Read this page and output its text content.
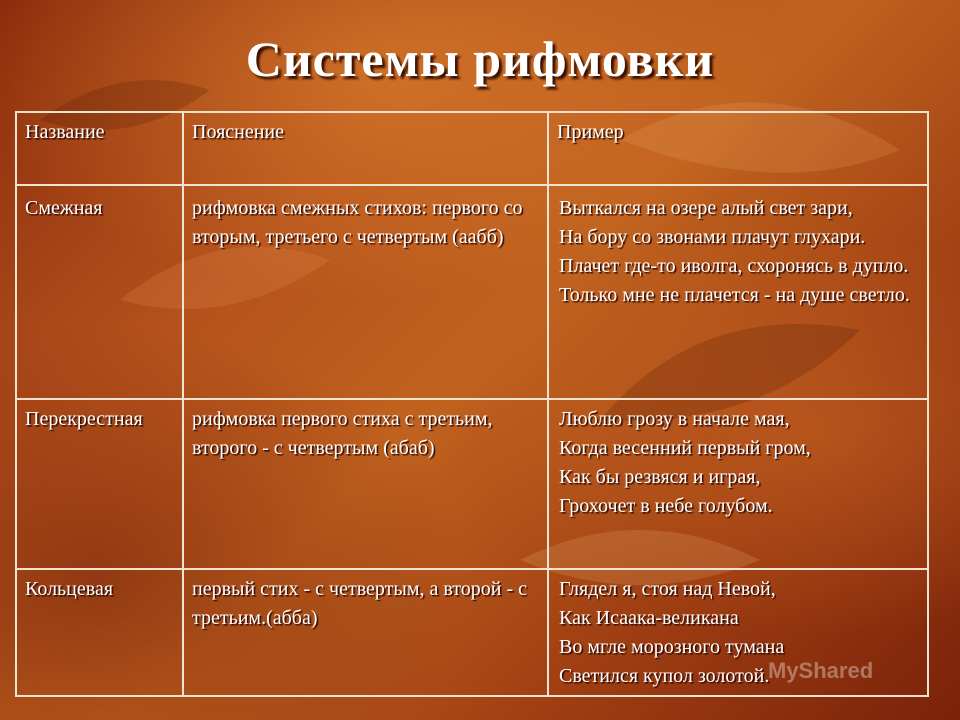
Системы рифмовки
Название	Пояснение	Пример
Смежная	рифмовка смежных стихов: первого со вторым, третьего с четвертым (аабб)	Выткался на озере алый свет зари,
На бору со звонами плачут глухари.
Плачет где-то иволга, схоронясь в дупло.
Только мне не плачется - на душе светло.

Перекрестная	рифмовка первого стиха с третьим, второго - с четвертым (абаб)	Люблю грозу в начале мая,
Когда весенний первый гром,
Как бы резвяся и играя,
Грохочет в небе голубом.

Кольцевая	первый стих - с четвертым, а второй - с третьим.(абба)	Глядел я, стоя над Невой,
Как Исаака-великана
Во мгле морозного тумана
Светился купол золотой.
MyShared
